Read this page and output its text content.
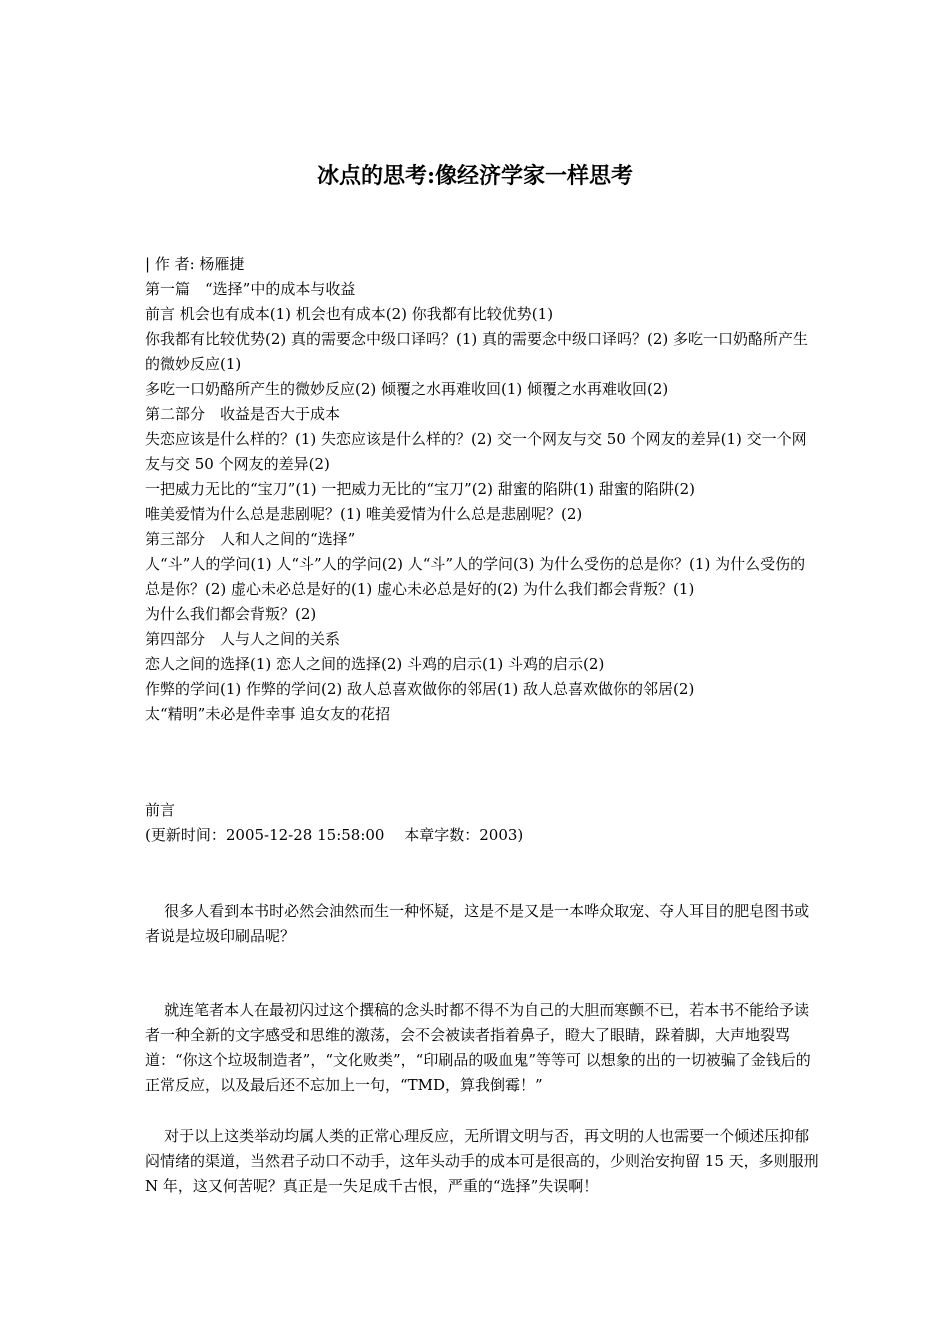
冰点的思考:像经济学家一样思考
| 作 者: 杨雁捷
第一篇　“选择”中的成本与收益
前言 机会也有成本(1) 机会也有成本(2) 你我都有比较优势(1)
你我都有比较优势(2) 真的需要念中级口译吗？(1) 真的需要念中级口译吗？(2) 多吃一口奶酪所产生的微妙反应(1)
多吃一口奶酪所产生的微妙反应(2) 倾覆之水再难收回(1) 倾覆之水再难收回(2)
第二部分　收益是否大于成本
失恋应该是什么样的？(1) 失恋应该是什么样的？(2) 交一个网友与交 50 个网友的差异(1) 交一个网友与交 50 个网友的差异(2)
一把威力无比的“宝刀”(1) 一把威力无比的“宝刀”(2) 甜蜜的陷阱(1) 甜蜜的陷阱(2)
唯美爱情为什么总是悲剧呢？(1) 唯美爱情为什么总是悲剧呢？(2)
第三部分　人和人之间的“选择”
人“斗”人的学问(1) 人“斗”人的学问(2) 人“斗”人的学问(3) 为什么受伤的总是你？(1) 为什么受伤的总是你？(2) 虚心未必总是好的(1) 虚心未必总是好的(2) 为什么我们都会背叛？(1)
为什么我们都会背叛？(2)
第四部分　人与人之间的关系
恋人之间的选择(1) 恋人之间的选择(2) 斗鸡的启示(1) 斗鸡的启示(2)
作弊的学问(1) 作弊的学问(2) 敌人总喜欢做你的邻居(1) 敌人总喜欢做你的邻居(2)
太“精明”未必是件幸事 追女友的花招
前言
(更新时间：2005-12-28 15:58:00　 本章字数：2003)

很多人看到本书时必然会油然而生一种怀疑，这是不是又是一本哗众取宠、夺人耳目的肥皂图书或者说是垃圾印刷品呢？

就连笔者本人在最初闪过这个撰稿的念头时都不得不为自己的大胆而寒颤不已，若本书不能给予读者一种全新的文字感受和思维的激荡，会不会被读者指着鼻子，瞪大了眼睛，跺着脚，大声地裂骂道：“你这个垃圾制造者”，“文化败类”，“印刷品的吸血鬼”等等可 以想象的出的一切被骗了金钱后的正常反应，以及最后还不忘加上一句，“TMD，算我倒霉！”

对于以上这类举动均属人类的正常心理反应，无所谓文明与否，再文明的人也需要一个倾述压抑郁闷情绪的渠道，当然君子动口不动手，这年头动手的成本可是很高的，少则治安拘留 15 天，多则服刑 N 年，这又何苦呢？真正是一失足成千古恨，严重的“选择”失误啊！
